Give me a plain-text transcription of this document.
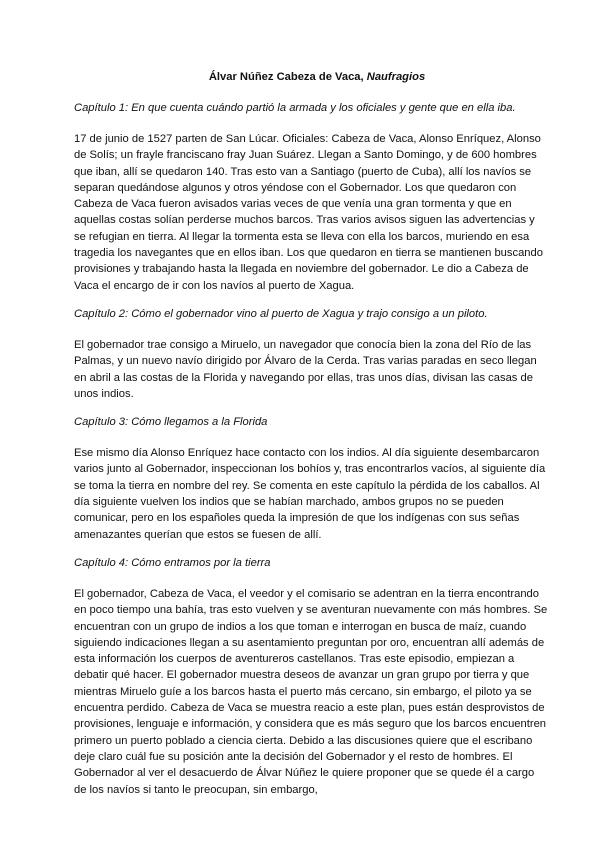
Álvar Núñez Cabeza de Vaca, Naufragios
Capítulo 1: En que cuenta cuándo partió la armada y los oficiales y gente que en ella iba.
17 de junio de 1527 parten de San Lúcar. Oficiales: Cabeza de Vaca, Alonso Enríquez, Alonso de Solís; un frayle franciscano fray Juan Suárez. Llegan a Santo Domingo, y de 600 hombres que iban, allí se quedaron 140. Tras esto van a Santiago (puerto de Cuba), allí los navíos se separan quedándose algunos y otros yéndose con el Gobernador. Los que quedaron con Cabeza de Vaca fueron avisados varias veces de que venía una gran tormenta y que en aquellas costas solían perderse muchos barcos. Tras varios avisos siguen las advertencias y se refugian en tierra. Al llegar la tormenta esta se lleva con ella los barcos, muriendo en esa tragedia los navegantes que en ellos iban. Los que quedaron en tierra se mantienen buscando provisiones y trabajando hasta la llegada en noviembre del gobernador. Le dio a Cabeza de Vaca el encargo de ir con los navíos al puerto de Xagua.
Capítulo 2: Cómo el gobernador vino al puerto de Xagua y trajo consigo a un piloto.
El gobernador trae consigo a Miruelo, un navegador que conocía bien la zona del Río de las Palmas, y un nuevo navío dirigido por Álvaro de la Cerda. Tras varias paradas en seco llegan en abril a las costas de la Florida y navegando por ellas, tras unos días, divisan las casas de unos indios.
Capítulo 3: Cómo llegamos a la Florida
Ese mismo día Alonso Enríquez hace contacto con los indios. Al día siguiente desembarcaron varios junto al Gobernador, inspeccionan los bohíos y, tras encontrarlos vacíos, al siguiente día se toma la tierra en nombre del rey. Se comenta en este capítulo la pérdida de los caballos. Al día siguiente vuelven los indios que se habían marchado, ambos grupos no se pueden comunicar, pero en los españoles queda la impresión de que los indígenas con sus señas amenazantes querían que estos se fuesen de allí.
Capítulo 4: Cómo entramos por la tierra
El gobernador, Cabeza de Vaca, el veedor y el comisario se adentran en la tierra encontrando en poco tiempo una bahía, tras esto vuelven y se aventuran nuevamente con más hombres. Se encuentran con un grupo de indios a los que toman e interrogan en busca de maíz, cuando siguiendo indicaciones llegan a su asentamiento preguntan por oro, encuentran allí además de esta información los cuerpos de aventureros castellanos. Tras este episodio, empiezan a debatir qué hacer. El gobernador muestra deseos de avanzar un gran grupo por tierra y que mientras Miruelo guíe a los barcos hasta el puerto más cercano, sin embargo, el piloto ya se encuentra perdido. Cabeza de Vaca se muestra reacio a este plan, pues están desprovistos de provisiones, lenguaje e información, y considera que es más seguro que los barcos encuentren primero un puerto poblado a ciencia cierta. Debido a las discusiones quiere que el escribano deje claro cuál fue su posición ante la decisión del Gobernador y el resto de hombres. El Gobernador al ver el desacuerdo de Álvar Núñez le quiere proponer que se quede él a cargo de los navíos si tanto le preocupan, sin embargo,
